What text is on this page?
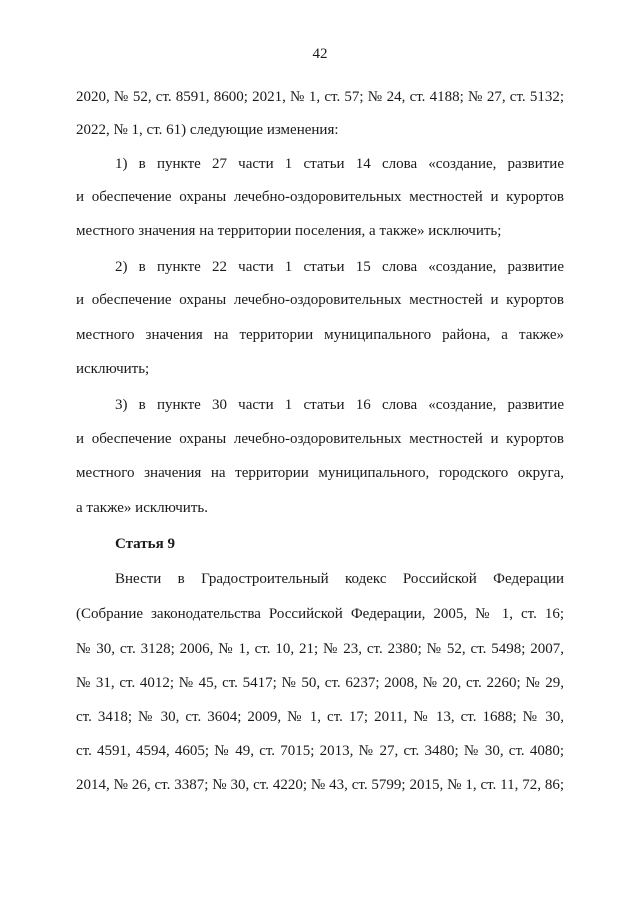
42
2020, № 52, ст. 8591, 8600; 2021, № 1, ст. 57; № 24, ст. 4188; № 27, ст. 5132;
2022, № 1, ст. 61) следующие изменения:
1) в пункте 27 части 1 статьи 14 слова «создание, развитие
и обеспечение охраны лечебно-оздоровительных местностей и курортов
местного значения на территории поселения, а также» исключить;
2) в пункте 22 части 1 статьи 15 слова «создание, развитие
и обеспечение охраны лечебно-оздоровительных местностей и курортов
местного значения на территории муниципального района, а также»
исключить;
3) в пункте 30 части 1 статьи 16 слова «создание, развитие
и обеспечение охраны лечебно-оздоровительных местностей и курортов
местного значения на территории муниципального, городского округа,
а также» исключить.
Статья 9
Внести в Градостроительный кодекс Российской Федерации
(Собрание законодательства Российской Федерации, 2005, № 1, ст. 16;
№ 30, ст. 3128; 2006, № 1, ст. 10, 21; № 23, ст. 2380; № 52, ст. 5498; 2007,
№ 31, ст. 4012; № 45, ст. 5417; № 50, ст. 6237; 2008, № 20, ст. 2260; № 29,
ст. 3418; № 30, ст. 3604; 2009, № 1, ст. 17; 2011, № 13, ст. 1688; № 30,
ст. 4591, 4594, 4605; № 49, ст. 7015; 2013, № 27, ст. 3480; № 30, ст. 4080;
2014, № 26, ст. 3387; № 30, ст. 4220; № 43, ст. 5799; 2015, № 1, ст. 11, 72, 86;
